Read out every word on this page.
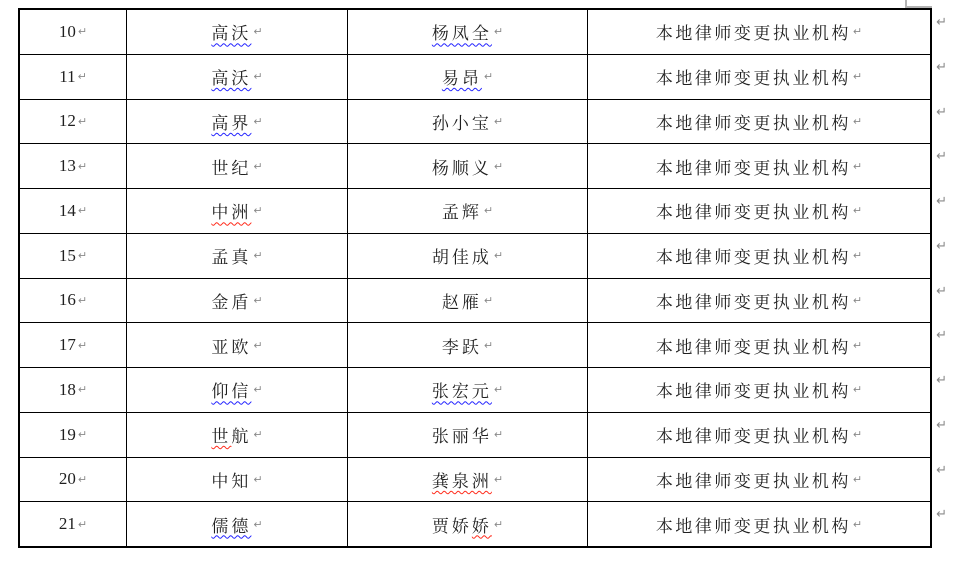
10 ↵	高沃 ↵	杨凤全 ↵	本地律师变更执业机构 ↵
↵
11 ↵	高沃 ↵	易昂 ↵	本地律师变更执业机构 ↵
↵
12 ↵	高界 ↵	孙小宝 ↵	本地律师变更执业机构 ↵
↵
13 ↵	世纪 ↵	杨顺义 ↵	本地律师变更执业机构 ↵
↵
14 ↵	中洲 ↵	孟辉 ↵	本地律师变更执业机构 ↵
↵
15 ↵	孟真 ↵	胡佳成 ↵	本地律师变更执业机构 ↵
↵
16 ↵	金盾 ↵	赵雁 ↵	本地律师变更执业机构 ↵
↵
17 ↵	亚欧 ↵	李跃 ↵	本地律师变更执业机构 ↵
↵
18 ↵	仰信 ↵	张宏元 ↵	本地律师变更执业机构 ↵
↵
19 ↵	世 航 ↵	张丽华 ↵	本地律师变更执业机构 ↵
↵
20 ↵	中知 ↵	龚泉洲 ↵	本地律师变更执业机构 ↵
↵
21 ↵	儒德 ↵	贾娇 娇 ↵	本地律师变更执业机构 ↵
↵
